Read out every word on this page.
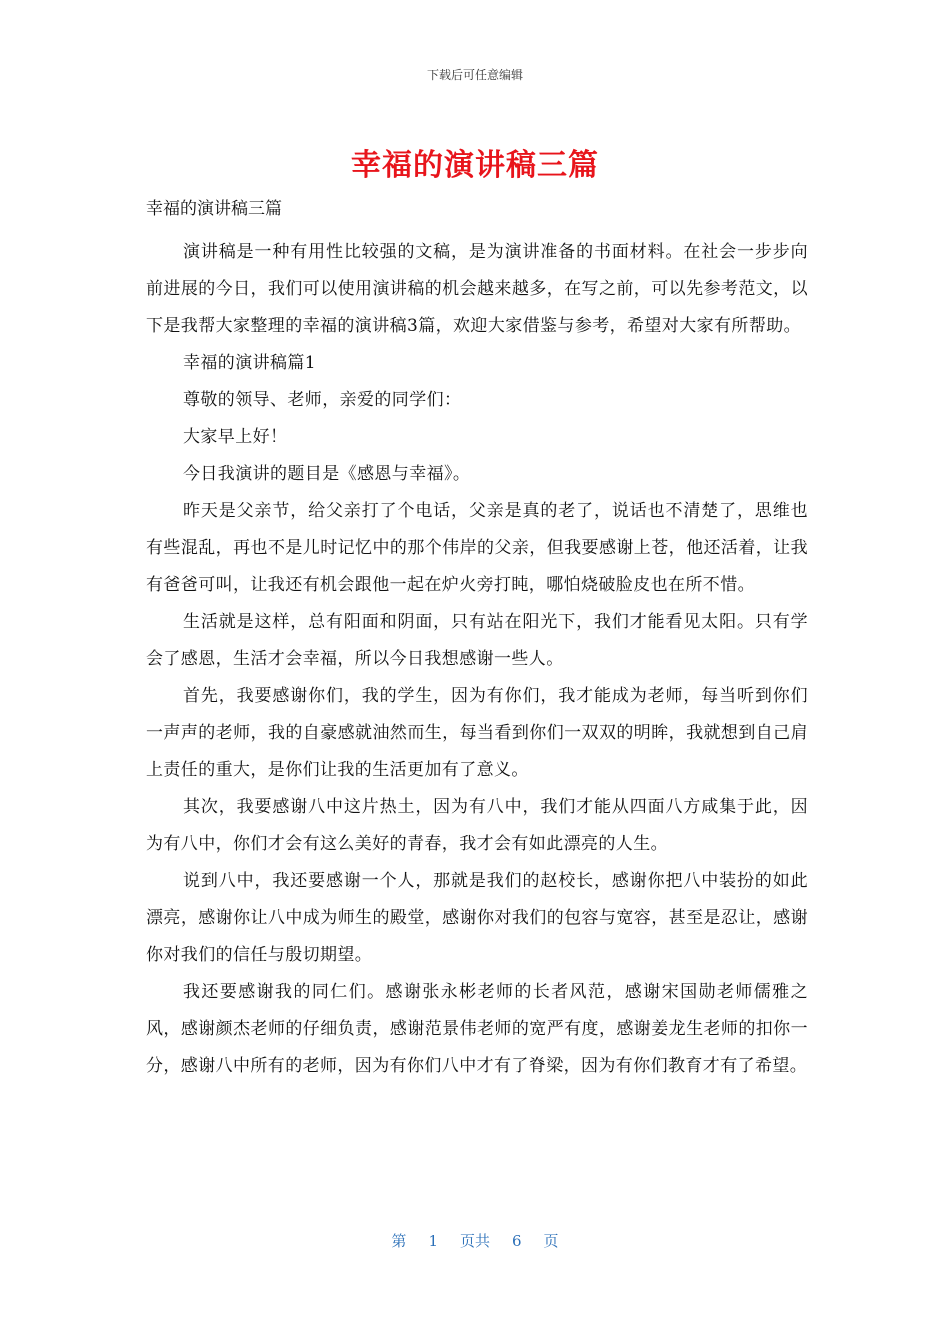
下载后可任意编辑
幸福的演讲稿三篇

幸福的演讲稿三篇

演讲稿是一种有用性比较强的文稿，是为演讲准备的书面材料。在社会一步步向前进展的今日，我们可以使用演讲稿的机会越来越多，在写之前，可以先参考范文，以下是我帮大家整理的幸福的演讲稿3篇，欢迎大家借鉴与参考，希望对大家有所帮助。

幸福的演讲稿篇1

尊敬的领导、老师，亲爱的同学们：

大家早上好！

今日我演讲的题目是《感恩与幸福》。

昨天是父亲节，给父亲打了个电话，父亲是真的老了，说话也不清楚了，思维也有些混乱，再也不是儿时记忆中的那个伟岸的父亲，但我要感谢上苍，他还活着，让我有爸爸可叫，让我还有机会跟他一起在炉火旁打盹，哪怕烧破脸皮也在所不惜。

生活就是这样，总有阳面和阴面，只有站在阳光下，我们才能看见太阳。只有学会了感恩，生活才会幸福，所以今日我想感谢一些人。

首先，我要感谢你们，我的学生，因为有你们，我才能成为老师，每当听到你们一声声的老师，我的自豪感就油然而生，每当看到你们一双双的明眸，我就想到自己肩上责任的重大，是你们让我的生活更加有了意义。

其次，我要感谢八中这片热土，因为有八中，我们才能从四面八方咸集于此，因为有八中，你们才会有这么美好的青春，我才会有如此漂亮的人生。

说到八中，我还要感谢一个人，那就是我们的赵校长，感谢你把八中装扮的如此漂亮，感谢你让八中成为师生的殿堂，感谢你对我们的包容与宽容，甚至是忍让，感谢你对我们的信任与殷切期望。

我还要感谢我的同仁们。感谢张永彬老师的长者风范，感谢宋国勋老师儒雅之风，感谢颜杰老师的仔细负责，感谢范景伟老师的宽严有度，感谢姜龙生老师的扣你一分，感谢八中所有的老师，因为有你们八中才有了脊梁，因为有你们教育才有了希望。

第 1 页共 6 页
